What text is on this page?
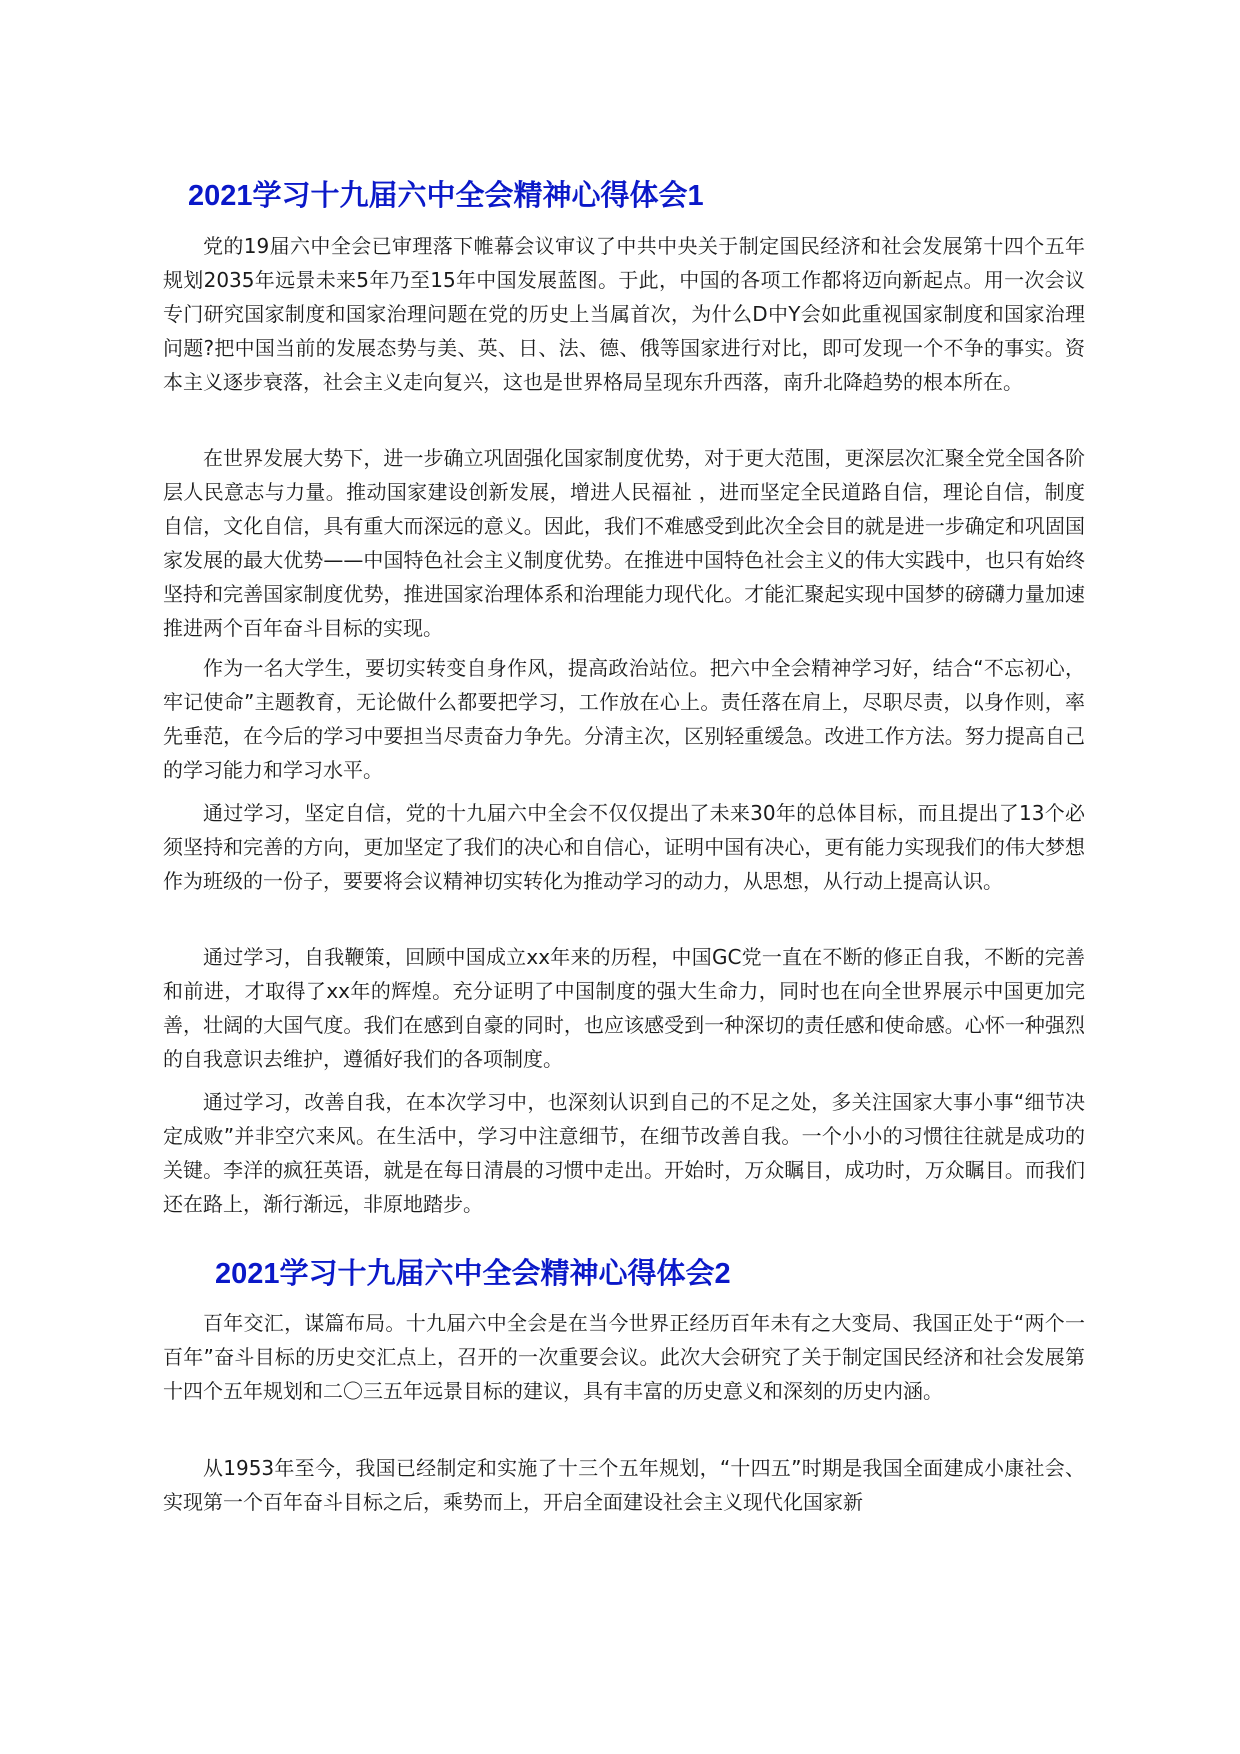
2021学习十九届六中全会精神心得体会1

党的19届六中全会已审理落下帷幕会议审议了中共中央关于制定国民经济和社会发展第十四个五年规划2035年远景未来5年乃至15年中国发展蓝图。于此，中国的各项工作都将迈向新起点。用一次会议专门研究国家制度和国家治理问题在党的历史上当属首次，为什么D中Y会如此重视国家制度和国家治理问题?把中国当前的发展态势与美、英、日、法、德、俄等国家进行对比，即可发现一个不争的事实。资本主义逐步衰落，社会主义走向复兴，这也是世界格局呈现东升西落，南升北降趋势的根本所在。

在世界发展大势下，进一步确立巩固强化国家制度优势，对于更大范围，更深层次汇聚全党全国各阶层人民意志与力量。推动国家建设创新发展，增进人民福祉 ，进而坚定全民道路自信，理论自信，制度自信，文化自信，具有重大而深远的意义。因此，我们不难感受到此次全会目的就是进一步确定和巩固国家发展的最大优势——中国特色社会主义制度优势。在推进中国特色社会主义的伟大实践中，也只有始终坚持和完善国家制度优势，推进国家治理体系和治理能力现代化。才能汇聚起实现中国梦的磅礴力量加速推进两个百年奋斗目标的实现。

作为一名大学生，要切实转变自身作风，提高政治站位。把六中全会精神学习好，结合“不忘初心，牢记使命”主题教育，无论做什么都要把学习，工作放在心上。责任落在肩上，尽职尽责，以身作则，率先垂范，在今后的学习中要担当尽责奋力争先。分清主次，区别轻重缓急。改进工作方法。努力提高自己的学习能力和学习水平。

通过学习，坚定自信，党的十九届六中全会不仅仅提出了未来30年的总体目标，而且提出了13个必须坚持和完善的方向，更加坚定了我们的决心和自信心，证明中国有决心，更有能力实现我们的伟大梦想作为班级的一份子，要要将会议精神切实转化为推动学习的动力，从思想，从行动上提高认识。

通过学习，自我鞭策，回顾中国成立xx年来的历程，中国GC党一直在不断的修正自我，不断的完善和前进，才取得了xx年的辉煌。充分证明了中国制度的强大生命力，同时也在向全世界展示中国更加完善，壮阔的大国气度。我们在感到自豪的同时，也应该感受到一种深切的责任感和使命感。心怀一种强烈的自我意识去维护，遵循好我们的各项制度。

通过学习，改善自我，在本次学习中，也深刻认识到自己的不足之处，多关注国家大事小事“细节决定成败”并非空穴来风。在生活中，学习中注意细节，在细节改善自我。一个小小的习惯往往就是成功的关键。李洋的疯狂英语，就是在每日清晨的习惯中走出。开始时，万众瞩目，成功时，万众瞩目。而我们还在路上，渐行渐远，非原地踏步。

2021学习十九届六中全会精神心得体会2

百年交汇，谋篇布局。十九届六中全会是在当今世界正经历百年未有之大变局、我国正处于“两个一百年”奋斗目标的历史交汇点上，召开的一次重要会议。此次大会研究了关于制定国民经济和社会发展第十四个五年规划和二〇三五年远景目标的建议，具有丰富的历史意义和深刻的历史内涵。

从1953年至今，我国已经制定和实施了十三个五年规划，“十四五”时期是我国全面建成小康社会、实现第一个百年奋斗目标之后，乘势而上，开启全面建设社会主义现代化国家新
